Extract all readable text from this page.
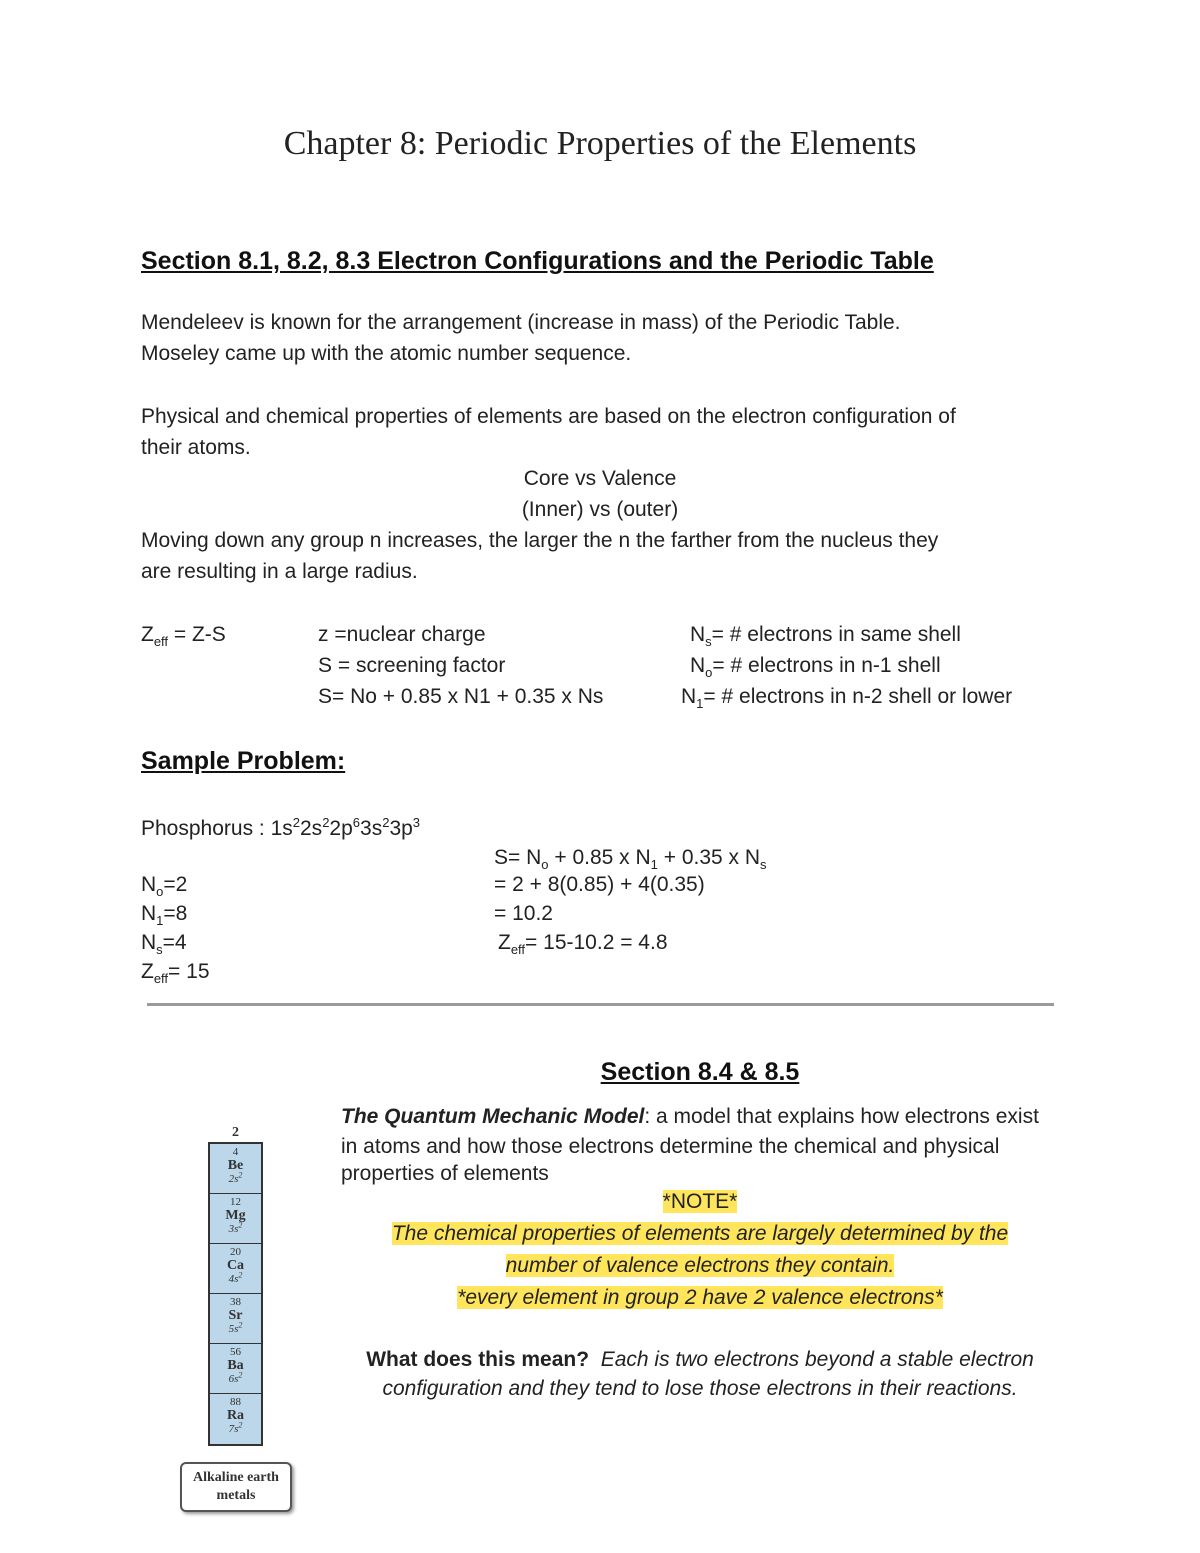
Chapter 8: Periodic Properties of the Elements
Section 8.1, 8.2, 8.3 Electron Configurations and the Periodic Table
Mendeleev is known for the arrangement (increase in mass) of the Periodic Table.
Moseley came up with the atomic number sequence.
Physical and chemical properties of elements are based on the electron configuration of
their atoms.
Core vs Valence
(Inner) vs (outer)
Moving down any group n increases, the larger the n the farther from the nucleus they
are resulting in a large radius.
$Z_{eff} = Z-S$	z =nuclear charge
S = screening factor
S= No + 0.85 x N1 + 0.35 x Ns
$N_s=$ # electrons in same shell
$N_o=$ # electrons in n-1 shell
$N_1=$ # electrons in n-2 shell or lower
Sample Problem:
Phosphorus : $1s^22s^22p^63s^23p^3$
$N_o=2$
$N_1=8$
$N_s=4$
$Z_{eff}= 15$
$S= N_o + 0.85$ x $N_1 + 0.35$ x $N_s$
= 2 + 8(0.85) + 4(0.35)
= 10.2
$Z_{eff}= 15-10.2 = 4.8$
Section 8.4 & 8.5
The Quantum Mechanic Model: a model that explains how electrons exist
in atoms and how those electrons determine the chemical and physical
properties of elements
*NOTE*
The chemical properties of elements are largely determined by the
number of valence electrons they contain.
*every element in group 2 have 2 valence electrons*
What does this mean? Each is two electrons beyond a stable electron
configuration and they tend to lose those electrons in their reactions.
2
4
Be
$2s^2$
12
Mg
$3s^2$
20
Ca
$4s^2$
38
Sr
$5s^2$
56
Ba
$6s^2$
88
Ra
$7s^2$
Alkaline earth
metals
